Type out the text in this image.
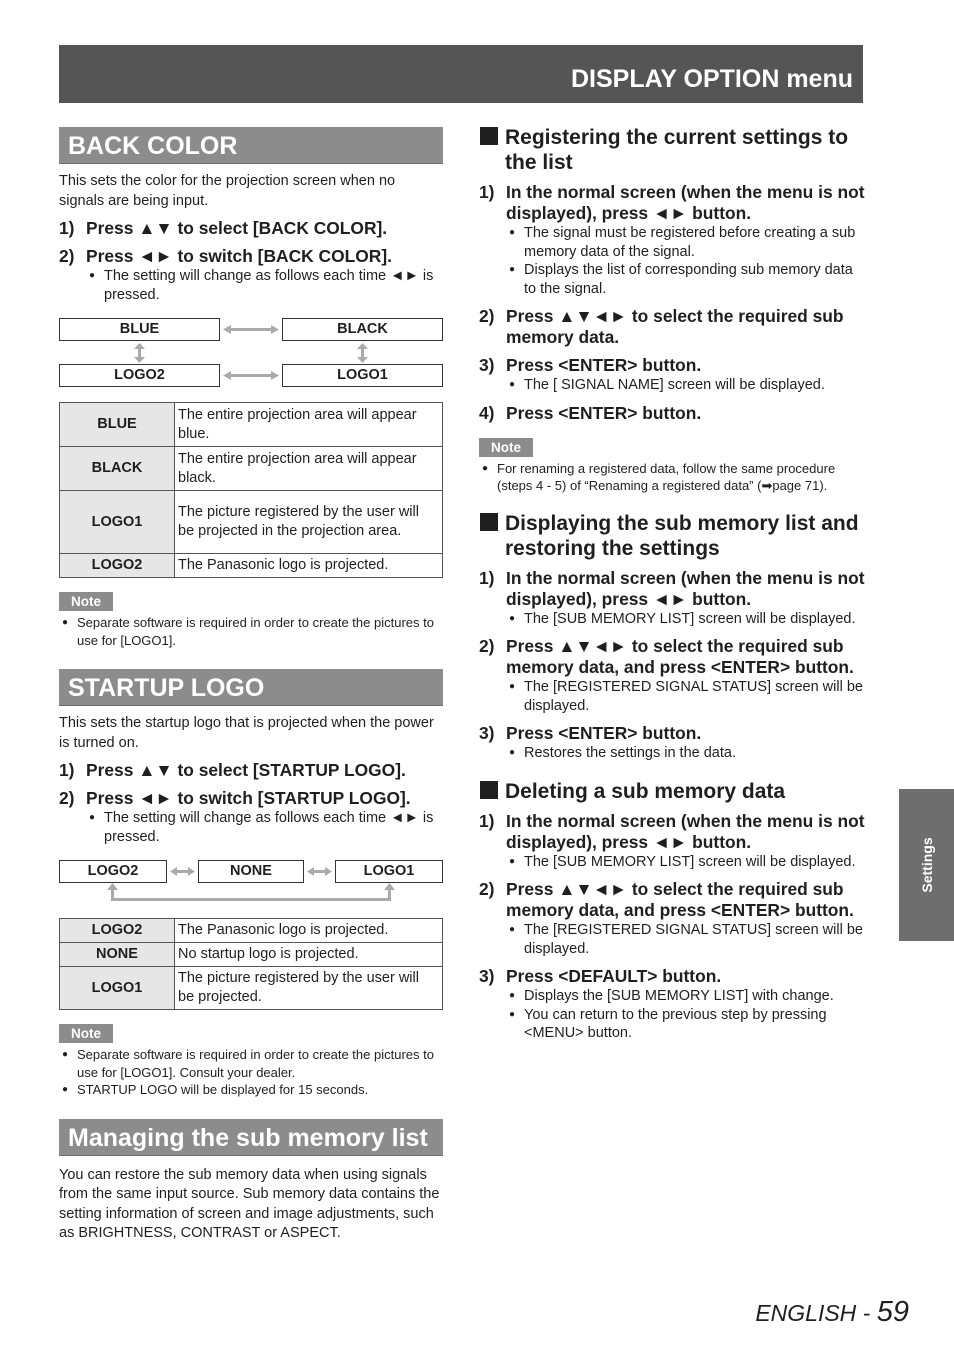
DISPLAY OPTION menu
BACK COLOR

This sets the color for the projection screen when no signals are being input.

1) Press ▲▼ to select [BACK COLOR].
2) Press ◄► to switch [BACK COLOR].
● The setting will change as follows each time ◄► is pressed.
BLUE	BLACK
LOGO2	LOGO1
BLUE	The entire projection area will appear blue.
BLACK	The entire projection area will appear black.
LOGO1	The picture registered by the user will be projected in the projection area.
LOGO2	The Panasonic logo is projected.
Note
● Separate software is required in order to create the pictures to use for [LOGO1].
STARTUP LOGO

This sets the startup logo that is projected when the power is turned on.

1) Press ▲▼ to select [STARTUP LOGO].
2) Press ◄► to switch [STARTUP LOGO].
● The setting will change as follows each time ◄► is pressed.
LOGO2	NONE	LOGO1
LOGO2	The Panasonic logo is projected.
NONE	No startup logo is projected.
LOGO1	The picture registered by the user will be projected.
Note
● Separate software is required in order to create the pictures to use for [LOGO1]. Consult your dealer.
● STARTUP LOGO will be displayed for 15 seconds.
Managing the sub memory list

You can restore the sub memory data when using signals from the same input source. Sub memory data contains the setting information of screen and image adjustments, such as BRIGHTNESS, CONTRAST or ASPECT.

Registering the current settings to the list
1) In the normal screen (when the menu is not displayed), press ◄► button.
● The signal must be registered before creating a sub memory data of the signal.
● Displays the list of corresponding sub memory data to the signal.
2) Press ▲▼◄► to select the required sub memory data.
3) Press <ENTER> button.
● The [ SIGNAL NAME] screen will be displayed.
4) Press <ENTER> button.
Note
● For renaming a registered data, follow the same procedure (steps 4 - 5) of “Renaming a registered data” (➡page 71).
Displaying the sub memory list and restoring the settings
1) In the normal screen (when the menu is not displayed), press ◄► button.
● The [SUB MEMORY LIST] screen will be displayed.
2) Press ▲▼◄► to select the required sub memory data, and press <ENTER> button.
● The [REGISTERED SIGNAL STATUS] screen will be displayed.
3) Press <ENTER> button.
● Restores the settings in the data.
Deleting a sub memory data
1) In the normal screen (when the menu is not displayed), press ◄► button.
● The [SUB MEMORY LIST] screen will be displayed.
2) Press ▲▼◄► to select the required sub memory data, and press <ENTER> button.
● The [REGISTERED SIGNAL STATUS] screen will be displayed.
3) Press <DEFAULT> button.
● Displays the [SUB MEMORY LIST] with change.
● You can return to the previous step by pressing <MENU> button.
Settings
ENGLISH - 59
